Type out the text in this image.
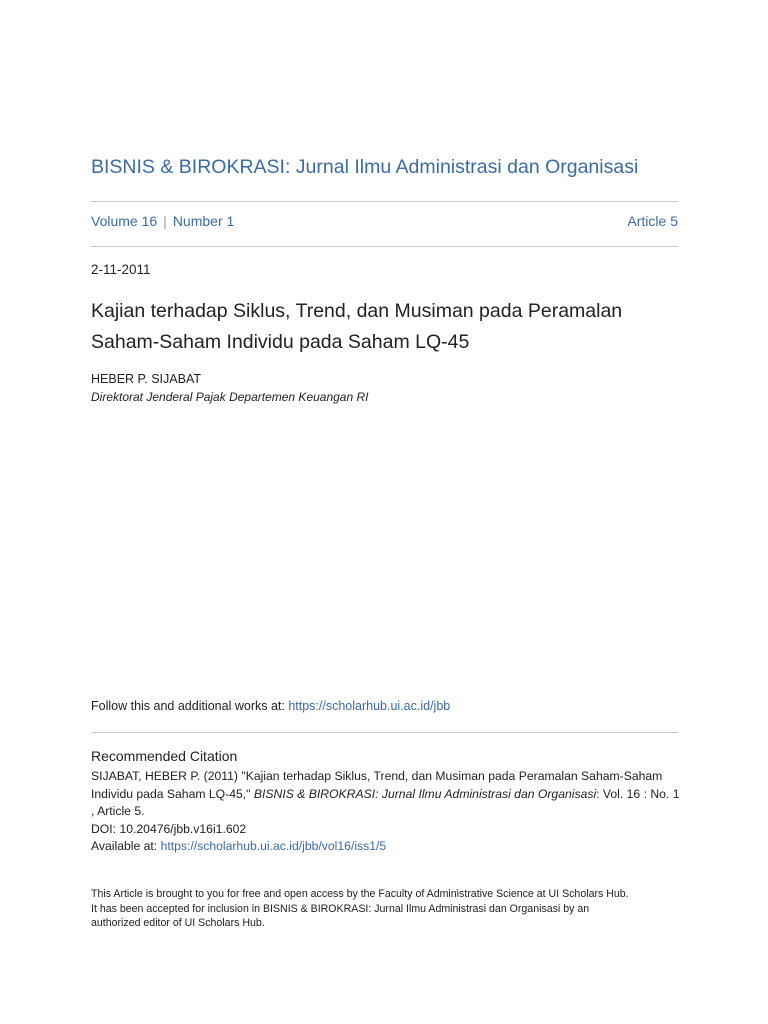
BISNIS & BIROKRASI: Jurnal Ilmu Administrasi dan Organisasi
Volume 16 | Number 1	Article 5
2-11-2011
Kajian terhadap Siklus, Trend, dan Musiman pada Peramalan Saham-Saham Individu pada Saham LQ-45
HEBER P. SIJABAT
Direktorat Jenderal Pajak Departemen Keuangan RI
Follow this and additional works at: https://scholarhub.ui.ac.id/jbb
Recommended Citation
SIJABAT, HEBER P. (2011) "Kajian terhadap Siklus, Trend, dan Musiman pada Peramalan Saham-Saham
Individu pada Saham LQ-45," BISNIS & BIROKRASI: Jurnal Ilmu Administrasi dan Organisasi: Vol. 16 : No. 1
, Article 5.
DOI: 10.20476/jbb.v16i1.602
Available at: https://scholarhub.ui.ac.id/jbb/vol16/iss1/5
This Article is brought to you for free and open access by the Faculty of Administrative Science at UI Scholars Hub.
It has been accepted for inclusion in BISNIS & BIROKRASI: Jurnal Ilmu Administrasi dan Organisasi by an
authorized editor of UI Scholars Hub.
